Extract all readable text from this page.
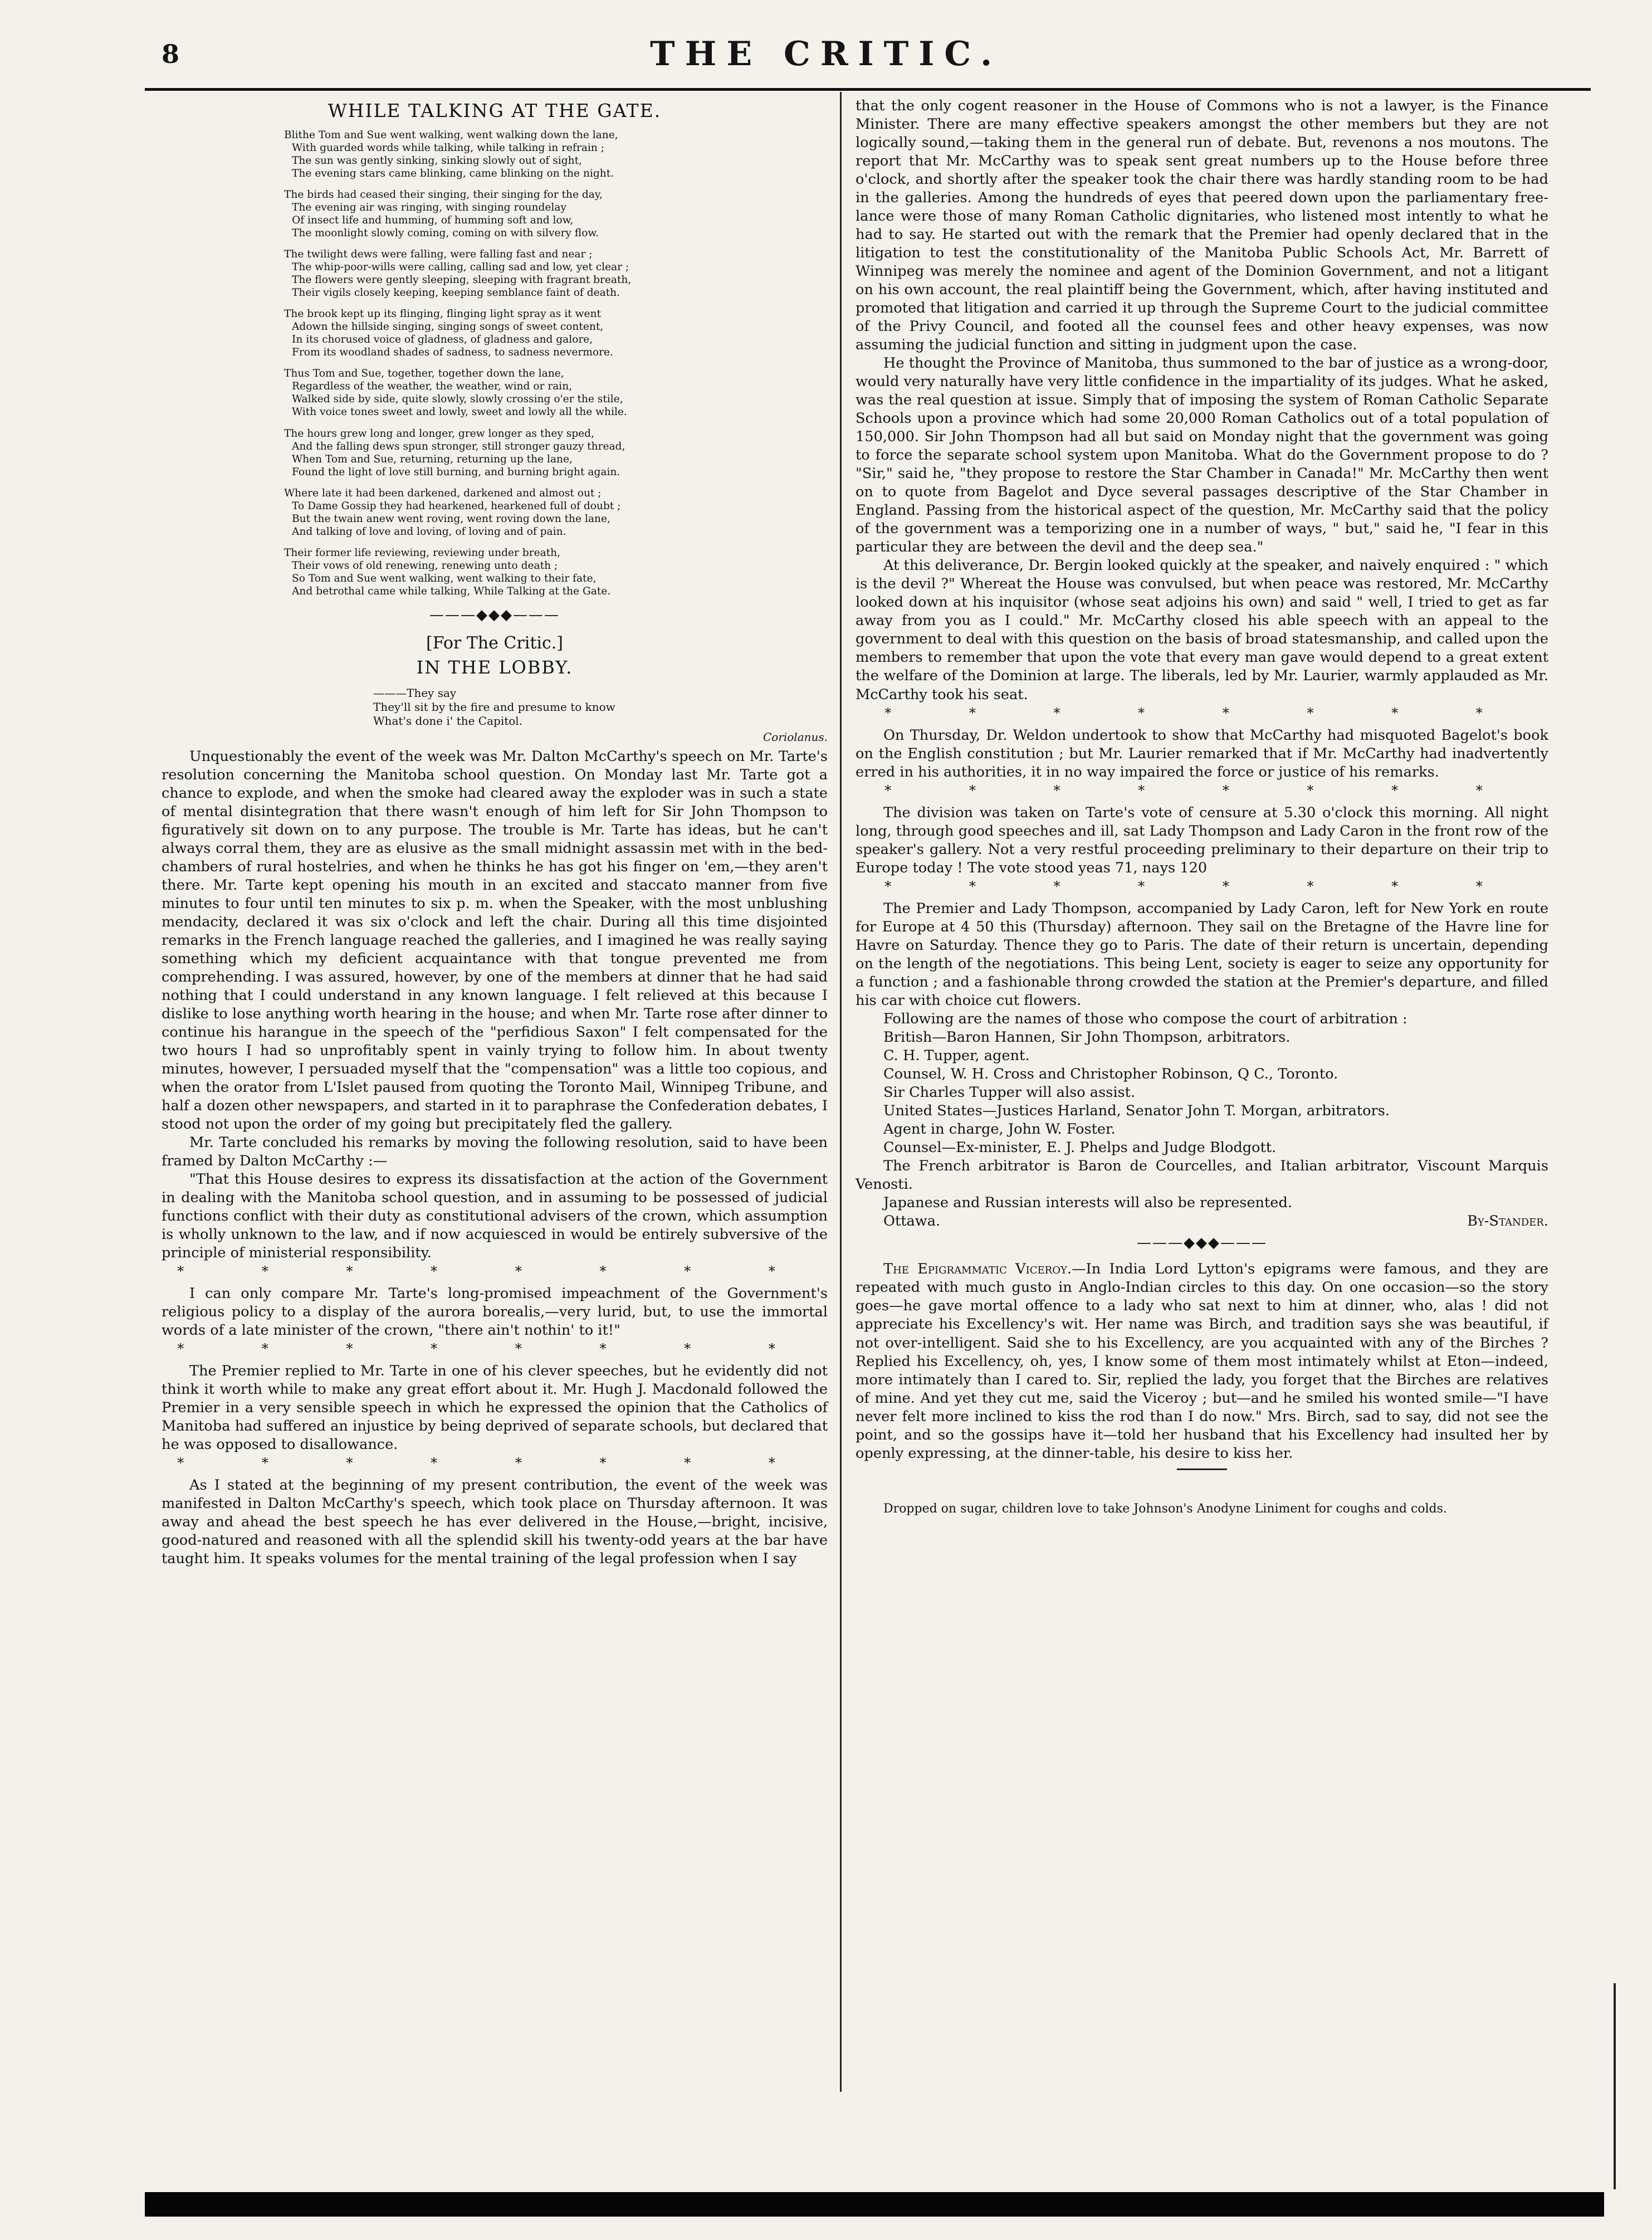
8	THE CRITIC.
WHILE TALKING AT THE GATE.
Blithe Tom and Sue went walking, went walking down the lane,
With guarded words while talking, while talking in refrain ;
The sun was gently sinking, sinking slowly out of sight,
The evening stars came blinking, came blinking on the night.
The birds had ceased their singing, their singing for the day,
The evening air was ringing, with singing roundelay
Of insect life and humming, of humming soft and low,
The moonlight slowly coming, coming on with silvery flow.
The twilight dews were falling, were falling fast and near ;
The whip-poor-wills were calling, calling sad and low, yet clear ;
The flowers were gently sleeping, sleeping with fragrant breath,
Their vigils closely keeping, keeping semblance faint of death.
The brook kept up its flinging, flinging light spray as it went
Adown the hillside singing, singing songs of sweet content,
In its chorused voice of gladness, of gladness and galore,
From its woodland shades of sadness, to sadness nevermore.
Thus Tom and Sue, together, together down the lane,
Regardless of the weather, the weather, wind or rain,
Walked side by side, quite slowly, slowly crossing o'er the stile,
With voice tones sweet and lowly, sweet and lowly all the while.
The hours grew long and longer, grew longer as they sped,
And the falling dews spun stronger, still stronger gauzy thread,
When Tom and Sue, returning, returning up the lane,
Found the light of love still burning, and burning bright again.
Where late it had been darkened, darkened and almost out ;
To Dame Gossip they had hearkened, hearkened full of doubt ;
But the twain anew went roving, went roving down the lane,
And talking of love and loving, of loving and of pain.
Their former life reviewing, reviewing under breath,
Their vows of old renewing, renewing unto death ;
So Tom and Sue went walking, went walking to their fate,
And betrothal came while talking, While Talking at the Gate.
———◆◆◆———
[For The Critic.]
IN THE LOBBY.
———They say
They'll sit by the fire and presume to know
What's done i' the Capitol.
Coriolanus.

Unquestionably the event of the week was Mr. Dalton McCarthy's speech on Mr. Tarte's resolution concerning the Manitoba school question. On Monday last Mr. Tarte got a chance to explode, and when the smoke had cleared away the exploder was in such a state of mental disintegration that there wasn't enough of him left for Sir John Thompson to figuratively sit down on to any purpose. The trouble is Mr. Tarte has ideas, but he can't always corral them, they are as elusive as the small midnight assassin met with in the bed-chambers of rural hostelries, and when he thinks he has got his finger on 'em,—they aren't there. Mr. Tarte kept opening his mouth in an excited and staccato manner from five minutes to four until ten minutes to six p. m. when the Speaker, with the most unblushing mendacity, declared it was six o'clock and left the chair. During all this time disjointed remarks in the French language reached the galleries, and I imagined he was really saying something which my deficient acquaintance with that tongue prevented me from comprehending. I was assured, however, by one of the members at dinner that he had said nothing that I could understand in any known language. I felt relieved at this because I dislike to lose anything worth hearing in the house; and when Mr. Tarte rose after dinner to continue his harangue in the speech of the "perfidious Saxon" I felt compensated for the two hours I had so unprofitably spent in vainly trying to follow him. In about twenty minutes, however, I persuaded myself that the "compensation" was a little too copious, and when the orator from L'Islet paused from quoting the Toronto Mail, Winnipeg Tribune, and half a dozen other newspapers, and started in it to paraphrase the Confederation debates, I stood not upon the order of my going but precipitately fled the gallery.

Mr. Tarte concluded his remarks by moving the following resolution, said to have been framed by Dalton McCarthy :—

"That this House desires to express its dissatisfaction at the action of the Government in dealing with the Manitoba school question, and in assuming to be possessed of judicial functions conflict with their duty as constitutional advisers of the crown, which assumption is wholly unknown to the law, and if now acquiesced in would be entirely subversive of the principle of ministerial responsibility.

* * * * * * * *

I can only compare Mr. Tarte's long-promised impeachment of the Government's religious policy to a display of the aurora borealis,—very lurid, but, to use the immortal words of a late minister of the crown, "there ain't nothin' to it!"

* * * * * * * *

The Premier replied to Mr. Tarte in one of his clever speeches, but he evidently did not think it worth while to make any great effort about it. Mr. Hugh J. Macdonald followed the Premier in a very sensible speech in which he expressed the opinion that the Catholics of Manitoba had suffered an injustice by being deprived of separate schools, but declared that he was opposed to disallowance.

* * * * * * * *

As I stated at the beginning of my present contribution, the event of the week was manifested in Dalton McCarthy's speech, which took place on Thursday afternoon. It was away and ahead the best speech he has ever delivered in the House,—bright, incisive, good-natured and reasoned with all the splendid skill his twenty-odd years at the bar have taught him. It speaks volumes for the mental training of the legal profession when I say

that the only cogent reasoner in the House of Commons who is not a lawyer, is the Finance Minister. There are many effective speakers amongst the other members but they are not logically sound,—taking them in the general run of debate. But, revenons a nos moutons. The report that Mr. McCarthy was to speak sent great numbers up to the House before three o'clock, and shortly after the speaker took the chair there was hardly standing room to be had in the galleries. Among the hundreds of eyes that peered down upon the parliamentary free-lance were those of many Roman Catholic dignitaries, who listened most intently to what he had to say. He started out with the remark that the Premier had openly declared that in the litigation to test the constitutionality of the Manitoba Public Schools Act, Mr. Barrett of Winnipeg was merely the nominee and agent of the Dominion Government, and not a litigant on his own account, the real plaintiff being the Government, which, after having instituted and promoted that litigation and carried it up through the Supreme Court to the judicial committee of the Privy Council, and footed all the counsel fees and other heavy expenses, was now assuming the judicial function and sitting in judgment upon the case.

He thought the Province of Manitoba, thus summoned to the bar of justice as a wrong-door, would very naturally have very little confidence in the impartiality of its judges. What he asked, was the real question at issue. Simply that of imposing the system of Roman Catholic Separate Schools upon a province which had some 20,000 Roman Catholics out of a total population of 150,000. Sir John Thompson had all but said on Monday night that the government was going to force the separate school system upon Manitoba. What do the Government propose to do ? "Sir," said he, "they propose to restore the Star Chamber in Canada!" Mr. McCarthy then went on to quote from Bagelot and Dyce several passages descriptive of the Star Chamber in England. Passing from the historical aspect of the question, Mr. McCarthy said that the policy of the government was a temporizing one in a number of ways, " but," said he, "I fear in this particular they are between the devil and the deep sea."

At this deliverance, Dr. Bergin looked quickly at the speaker, and naively enquired : " which is the devil ?" Whereat the House was convulsed, but when peace was restored, Mr. McCarthy looked down at his inquisitor (whose seat adjoins his own) and said " well, I tried to get as far away from you as I could." Mr. McCarthy closed his able speech with an appeal to the government to deal with this question on the basis of broad statesmanship, and called upon the members to remember that upon the vote that every man gave would depend to a great extent the welfare of the Dominion at large. The liberals, led by Mr. Laurier, warmly applauded as Mr. McCarthy took his seat.

* * * * * * * *

On Thursday, Dr. Weldon undertook to show that McCarthy had misquoted Bagelot's book on the English constitution ; but Mr. Laurier remarked that if Mr. McCarthy had inadvertently erred in his authorities, it in no way impaired the force or justice of his remarks.

* * * * * * * *

The division was taken on Tarte's vote of censure at 5.30 o'clock this morning. All night long, through good speeches and ill, sat Lady Thompson and Lady Caron in the front row of the speaker's gallery. Not a very restful proceeding preliminary to their departure on their trip to Europe today ! The vote stood yeas 71, nays 120

* * * * * * * *

The Premier and Lady Thompson, accompanied by Lady Caron, left for New York en route for Europe at 4 50 this (Thursday) afternoon. They sail on the Bretagne of the Havre line for Havre on Saturday. Thence they go to Paris. The date of their return is uncertain, depending on the length of the negotiations. This being Lent, society is eager to seize any opportunity for a function ; and a fashionable throng crowded the station at the Premier's departure, and filled his car with choice cut flowers.

Following are the names of those who compose the court of arbitration :

British—Baron Hannen, Sir John Thompson, arbitrators.

C. H. Tupper, agent.

Counsel, W. H. Cross and Christopher Robinson, Q C., Toronto.

Sir Charles Tupper will also assist.

United States—Justices Harland, Senator John T. Morgan, arbitrators.

Agent in charge, John W. Foster.

Counsel—Ex-minister, E. J. Phelps and Judge Blodgott.

The French arbitrator is Baron de Courcelles, and Italian arbitrator, Viscount Marquis Venosti.

Japanese and Russian interests will also be represented.

Ottawa.	By-Stander.
———◆◆◆———

The Epigrammatic Viceroy.—In India Lord Lytton's epigrams were famous, and they are repeated with much gusto in Anglo-Indian circles to this day. On one occasion—so the story goes—he gave mortal offence to a lady who sat next to him at dinner, who, alas ! did not appreciate his Excellency's wit. Her name was Birch, and tradition says she was beautiful, if not over-intelligent. Said she to his Excellency, are you acquainted with any of the Birches ? Replied his Excellency, oh, yes, I know some of them most intimately whilst at Eton—indeed, more intimately than I cared to. Sir, replied the lady, you forget that the Birches are relatives of mine. And yet they cut me, said the Viceroy ; but—and he smiled his wonted smile—"I have never felt more inclined to kiss the rod than I do now." Mrs. Birch, sad to say, did not see the point, and so the gossips have it—told her husband that his Excellency had insulted her by openly expressing, at the dinner-table, his desire to kiss her.

Dropped on sugar, children love to take Johnson's Anodyne Liniment for coughs and colds.
